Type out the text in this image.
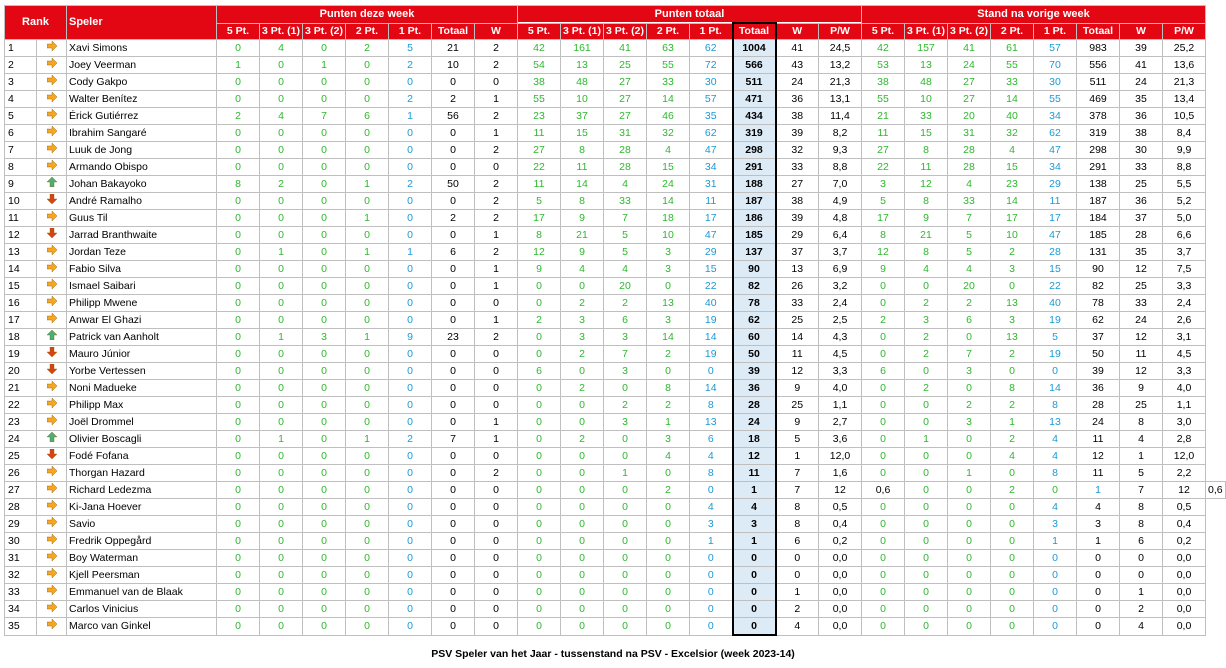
Rank		Speler	Punten deze week							Punten totaal								Stand na vorige week								
			5 Pt.	3 Pt. (1)	3 Pt. (2)	2 Pt.	1 Pt.	Totaal	W	5 Pt.	3 Pt. (1)	3 Pt. (2)	2 Pt.	1 Pt.	Totaal	W	P/W	5 Pt.	3 Pt. (1)	3 Pt. (2)	2 Pt.	1 Pt.	Totaal	W	P/W	
1		Xavi Simons	0	4	0	2	5	21	2	42	161	41	63	62	1004	41	24,5	42	157	41	61	57	983	39	25,2	
2		Joey Veerman	1	0	1	0	2	10	2	54	13	25	55	72	566	43	13,2	53	13	24	55	70	556	41	13,6	
3		Cody Gakpo	0	0	0	0	0	0	0	38	48	27	33	30	511	24	21,3	38	48	27	33	30	511	24	21,3	
4		Walter Benítez	0	0	0	0	2	2	1	55	10	27	14	57	471	36	13,1	55	10	27	14	55	469	35	13,4	
5		Érick Gutiérrez	2	4	7	6	1	56	2	23	37	27	46	35	434	38	11,4	21	33	20	40	34	378	36	10,5	
6		Ibrahim Sangaré	0	0	0	0	0	0	1	11	15	31	32	62	319	39	8,2	11	15	31	32	62	319	38	8,4	
7		Luuk de Jong	0	0	0	0	0	0	2	27	8	28	4	47	298	32	9,3	27	8	28	4	47	298	30	9,9	
8		Armando Obispo	0	0	0	0	0	0	0	22	11	28	15	34	291	33	8,8	22	11	28	15	34	291	33	8,8	
9		Johan Bakayoko	8	2	0	1	2	50	2	11	14	4	24	31	188	27	7,0	3	12	4	23	29	138	25	5,5	
10		André Ramalho	0	0	0	0	0	0	2	5	8	33	14	11	187	38	4,9	5	8	33	14	11	187	36	5,2	
11		Guus Til	0	0	0	1	0	2	2	17	9	7	18	17	186	39	4,8	17	9	7	17	17	184	37	5,0	
12		Jarrad Branthwaite	0	0	0	0	0	0	1	8	21	5	10	47	185	29	6,4	8	21	5	10	47	185	28	6,6	
13		Jordan Teze	0	1	0	1	1	6	2	12	9	5	3	29	137	37	3,7	12	8	5	2	28	131	35	3,7	
14		Fabio Silva	0	0	0	0	0	0	1	9	4	4	3	15	90	13	6,9	9	4	4	3	15	90	12	7,5	
15		Ismael Saibari	0	0	0	0	0	0	1	0	0	20	0	22	82	26	3,2	0	0	20	0	22	82	25	3,3	
16		Philipp Mwene	0	0	0	0	0	0	0	0	2	2	13	40	78	33	2,4	0	2	2	13	40	78	33	2,4	
17		Anwar El Ghazi	0	0	0	0	0	0	1	2	3	6	3	19	62	25	2,5	2	3	6	3	19	62	24	2,6	
18		Patrick van Aanholt	0	1	3	1	9	23	2	0	3	3	14	14	60	14	4,3	0	2	0	13	5	37	12	3,1	
19		Mauro Júnior	0	0	0	0	0	0	0	0	2	7	2	19	50	11	4,5	0	2	7	2	19	50	11	4,5	
20		Yorbe Vertessen	0	0	0	0	0	0	0	6	0	3	0	0	39	12	3,3	6	0	3	0	0	39	12	3,3	
21		Noni Madueke	0	0	0	0	0	0	0	0	2	0	8	14	36	9	4,0	0	2	0	8	14	36	9	4,0	
22		Philipp Max	0	0	0	0	0	0	0	0	0	2	2	8	28	25	1,1	0	0	2	2	8	28	25	1,1	
23		Joël Drommel	0	0	0	0	0	0	1	0	0	3	1	13	24	9	2,7	0	0	3	1	13	24	8	3,0	
24		Olivier Boscagli	0	1	0	1	2	7	1	0	2	0	3	6	18	5	3,6	0	1	0	2	4	11	4	2,8	
25		Fodé Fofana	0	0	0	0	0	0	0	0	0	0	4	4	12	1	12,0	0	0	0	4	4	12	1	12,0	
26		Thorgan Hazard	0	0	0	0	0	0	2	0	0	1	0	8	11	7	1,6	0	0	1	0	8	11	5	2,2	
27		Richard Ledezma	0	0	0	0	0	0	0	0	0	0	2	0	1	7	12	0,6	0	0	2	0	1	7	12	0,6
28		Ki-Jana Hoever	0	0	0	0	0	0	0	0	0	0	0	4	4	8	0,5	0	0	0	0	4	4	8	0,5	
29		Savio	0	0	0	0	0	0	0	0	0	0	0	3	3	8	0,4	0	0	0	0	3	3	8	0,4	
30		Fredrik Oppegård	0	0	0	0	0	0	0	0	0	0	0	1	1	6	0,2	0	0	0	0	1	1	6	0,2	
31		Boy Waterman	0	0	0	0	0	0	0	0	0	0	0	0	0	0	0,0	0	0	0	0	0	0	0	0,0	
32		Kjell Peersman	0	0	0	0	0	0	0	0	0	0	0	0	0	0	0,0	0	0	0	0	0	0	0	0,0	
33		Emmanuel van de Blaak	0	0	0	0	0	0	0	0	0	0	0	0	0	1	0,0	0	0	0	0	0	0	1	0,0	
34		Carlos Vinicius	0	0	0	0	0	0	0	0	0	0	0	0	0	2	0,0	0	0	0	0	0	0	2	0,0	
35		Marco van Ginkel	0	0	0	0	0	0	0	0	0	0	0	0	0	4	0,0	0	0	0	0	0	0	4	0,0	
PSV Speler van het Jaar - tussenstand na PSV - Excelsior (week 2023-14)
